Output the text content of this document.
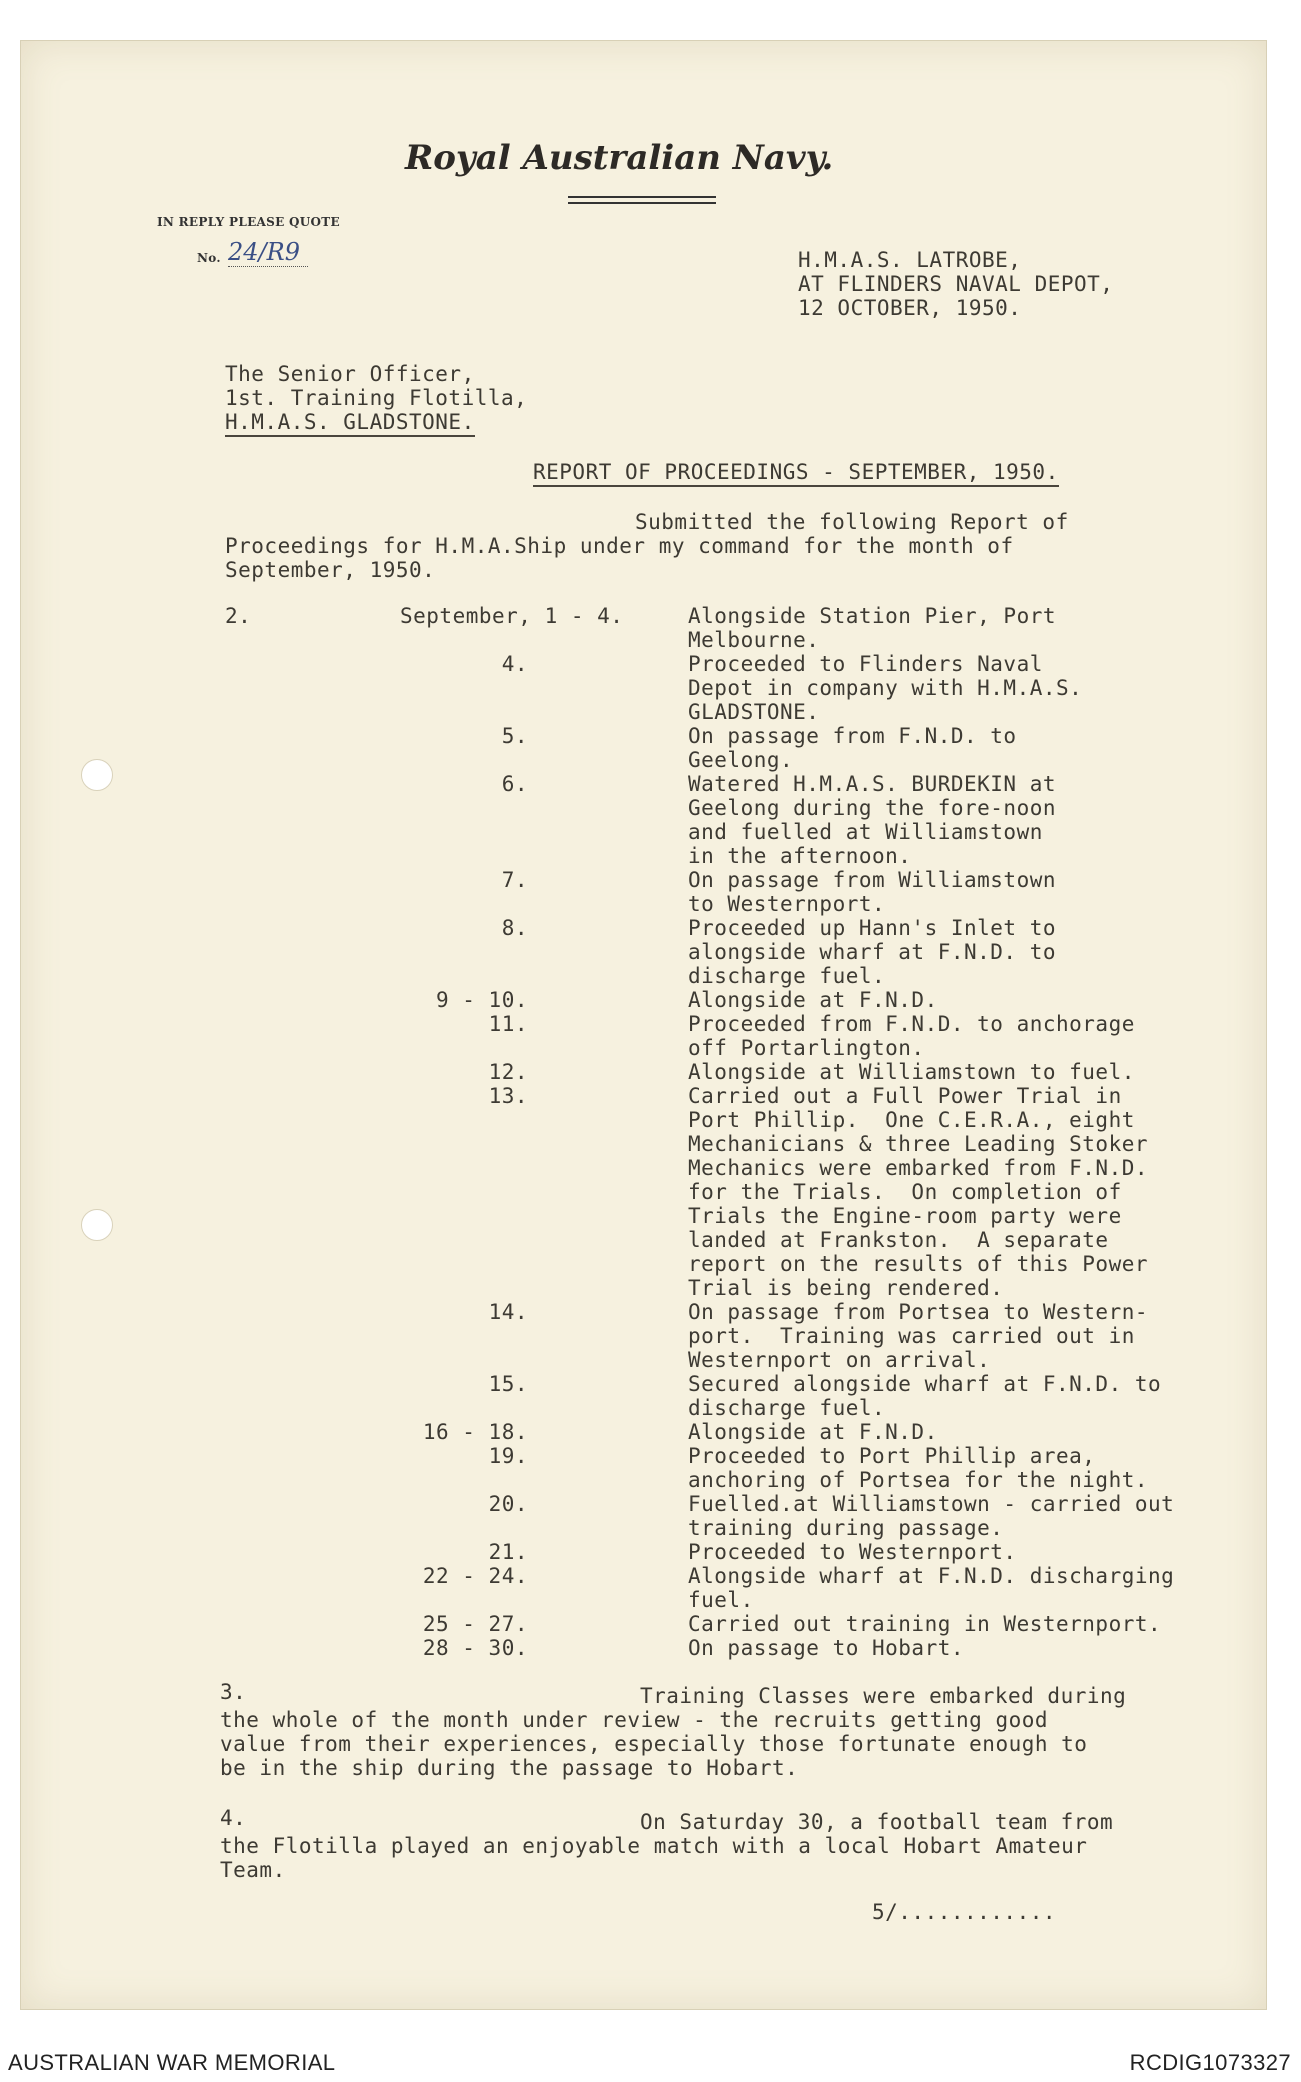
Royal Australian Navy.
IN REPLY PLEASE QUOTE
No. 24/R9	H.M.A.S. LATROBE,
AT FLINDERS NAVAL DEPOT,
12 OCTOBER, 1950.
The Senior Officer,
1st. Training Flotilla,
H.M.A.S. GLADSTONE.
REPORT OF PROCEEDINGS - SEPTEMBER, 1950.
Submitted the following Report of
Proceedings for H.M.A.Ship under my command for the month of
September, 1950.
2.	September, 1 - 4.	Alongside Station Pier, Port
Melbourne.
4.	Proceeded to Flinders Naval
Depot in company with H.M.A.S.
GLADSTONE.
5.	On passage from F.N.D. to
Geelong.
6.	Watered H.M.A.S. BURDEKIN at
Geelong during the fore-noon
and fuelled at Williamstown
in the afternoon.
7.	On passage from Williamstown
to Westernport.
8.	Proceeded up Hann's Inlet to
alongside wharf at F.N.D. to
discharge fuel.
9 - 10.	Alongside at F.N.D.
11.	Proceeded from F.N.D. to anchorage
off Portarlington.
12.	Alongside at Williamstown to fuel.
13.	Carried out a Full Power Trial in
Port Phillip.  One C.E.R.A., eight
Mechanicians & three Leading Stoker
Mechanics were embarked from F.N.D.
for the Trials.  On completion of
Trials the Engine-room party were
landed at Frankston.  A separate
report on the results of this Power
Trial is being rendered.
14.	On passage from Portsea to Western-
port.  Training was carried out in
Westernport on arrival.
15.	Secured alongside wharf at F.N.D. to
discharge fuel.
16 - 18.	Alongside at F.N.D.
19.	Proceeded to Port Phillip area,
anchoring of Portsea for the night.
20.	Fuelled.at Williamstown - carried out
training during passage.
21.	Proceeded to Westernport.
22 - 24.	Alongside wharf at F.N.D. discharging
fuel.
25 - 27.	Carried out training in Westernport.
28 - 30.	On passage to Hobart.
3.	Training Classes were embarked during
the whole of the month under review - the recruits getting good
value from their experiences, especially those fortunate enough to
be in the ship during the passage to Hobart.
4.	On Saturday 30, a football team from
the Flotilla played an enjoyable match with a local Hobart Amateur
Team.
5/............
AUSTRALIAN WAR MEMORIAL	RCDIG1073327
